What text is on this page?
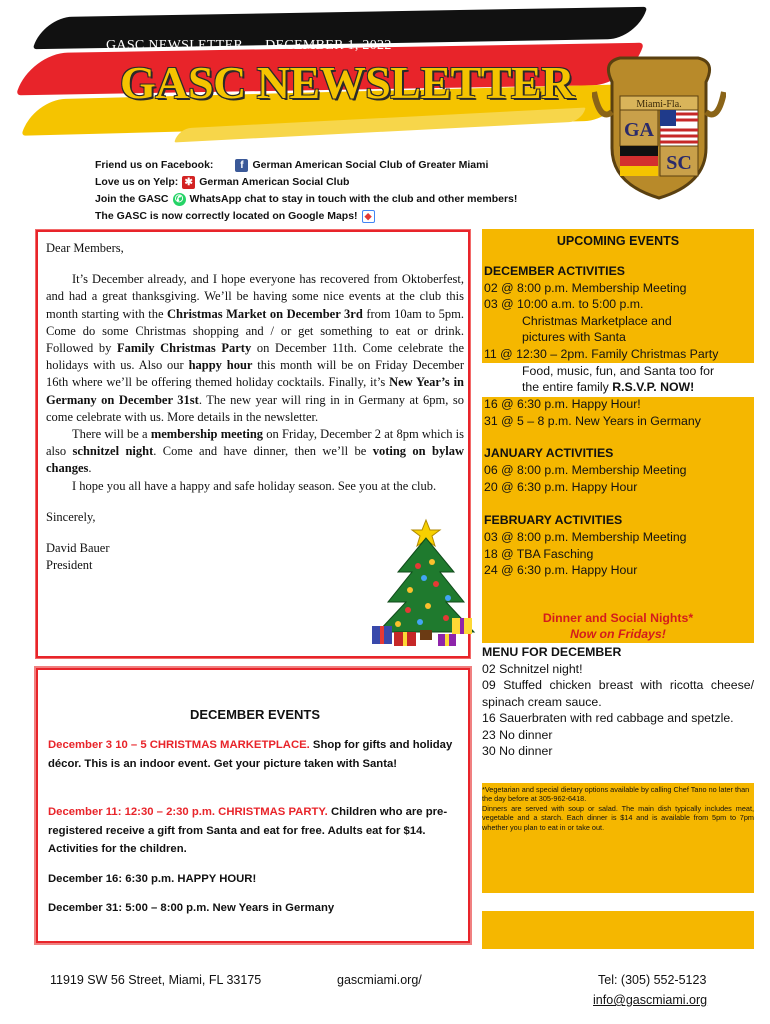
GASC NEWSLETTER DECEMBER 1, 2022
GASC NEWSLETTER	Miami-Fla.
GA
SC
Friend us on Facebook:	f German American Social Club of Greater Miami
Love us on Yelp: ✱ German American Social Club
Join the GASC ✆ WhatsApp chat to stay in touch with the club and other members!
The GASC is now correctly located on Google Maps! ◆

Dear Members,

It’s December already, and I hope everyone has recovered from Oktoberfest, and had a great thanksgiving. We’ll be having some nice events at the club this month starting with the Christmas Market on December 3rd from 10am to 5pm. Come do some Christmas shopping and / or get something to eat or drink. Followed by Family Christmas Party on December 11th. Come celebrate the holidays with us. Also our happy hour this month will be on Friday December 16th where we’ll be offering themed holiday cocktails. Finally, it’s New Year’s in Germany on December 31st. The new year will ring in in Germany at 6pm, so come celebrate with us. More details in the newsletter.

There will be a membership meeting on Friday, December 2 at 8pm which is also schnitzel night. Come and have dinner, then we’ll be voting on bylaw changes.

I hope you all have a happy and safe holiday season. See you at the club.

Sincerely,

David Bauer

President

DECEMBER EVENTS
December 3 10 – 5 CHRISTMAS MARKETPLACE. Shop for gifts and holiday décor. This is an indoor event. Get your picture taken with Santa!
December 11: 12:30 – 2:30 p.m. CHRISTMAS PARTY. Children who are pre-registered receive a gift from Santa and eat for free. Adults eat for $14. Activities for the children.
December 16: 6:30 p.m. HAPPY HOUR!
December 31: 5:00 – 8:00 p.m. New Years in Germany
UPCOMING EVENTS
DECEMBER ACTIVITIES
02 @ 8:00 p.m. Membership Meeting
03 @ 10:00 a.m. to 5:00 p.m.
Christmas Marketplace and
pictures with Santa
11 @ 12:30 – 2pm. Family Christmas Party
Food, music, fun, and Santa too for
the entire family R.S.V.P. NOW!
16 @ 6:30 p.m. Happy Hour!
31 @ 5 – 8 p.m. New Years in Germany
JANUARY ACTIVITIES
06 @ 8:00 p.m. Membership Meeting
20 @ 6:30 p.m. Happy Hour
FEBRUARY ACTIVITIES
03 @ 8:00 p.m. Membership Meeting
18 @ TBA Fasching
24 @ 6:30 p.m. Happy Hour
Dinner and Social Nights*
Now on Fridays!
MENU FOR DECEMBER
02 Schnitzel night!
09 Stuffed chicken breast with ricotta cheese/ spinach cream sauce.
16 Sauerbraten with red cabbage and spetzle.
23 No dinner
30 No dinner
*Vegetarian and special dietary options available by calling Chef Tano no later than the day before at 305-962-6418.
Dinners are served with soup or salad. The main dish typically includes meat, vegetable and a starch. Each dinner is $14 and is available from 5pm to 7pm whether you plan to eat in or take out.
11919 SW 56 Street, Miami, FL 33175	gascmiami.org/	Tel: (305) 552-5123
info@gascmiami.org
